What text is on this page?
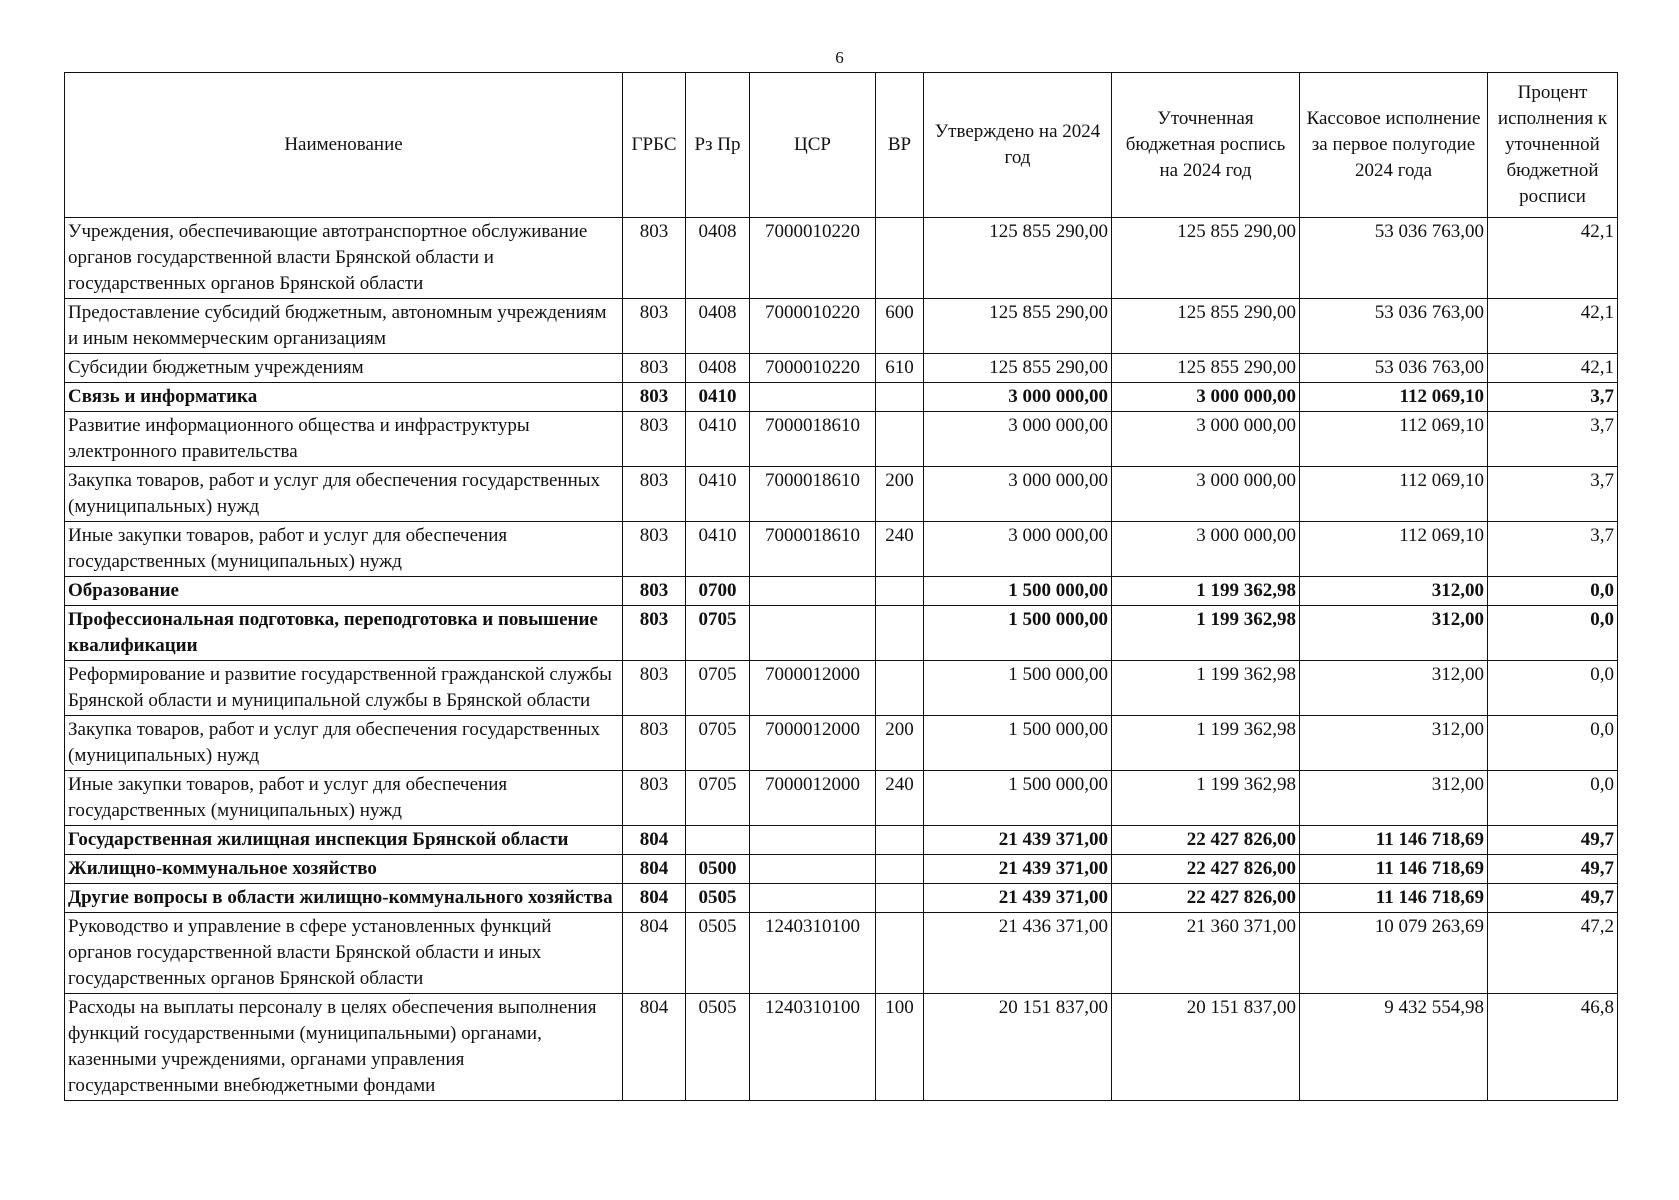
6
Наименование	ГРБС	Рз Пр	ЦСР	ВР	Утверждено на 2024 год	Уточненная бюджетная роспись на 2024 год	Кассовое исполнение за первое полугодие 2024 года	Процент исполнения к уточненной бюджетной росписи
Учреждения, обеспечивающие автотранспортное обслуживание органов государственной власти Брянской области и государственных органов Брянской области	803	0408	7000010220		125 855 290,00	125 855 290,00	53 036 763,00	42,1
Предоставление субсидий бюджетным, автономным учреждениям и иным некоммерческим организациям	803	0408	7000010220	600	125 855 290,00	125 855 290,00	53 036 763,00	42,1
Субсидии бюджетным учреждениям	803	0408	7000010220	610	125 855 290,00	125 855 290,00	53 036 763,00	42,1
Связь и информатика	803	0410			3 000 000,00	3 000 000,00	112 069,10	3,7
Развитие информационного общества и инфраструктуры электронного правительства	803	0410	7000018610		3 000 000,00	3 000 000,00	112 069,10	3,7
Закупка товаров, работ и услуг для обеспечения государственных (муниципальных) нужд	803	0410	7000018610	200	3 000 000,00	3 000 000,00	112 069,10	3,7
Иные закупки товаров, работ и услуг для обеспечения государственных (муниципальных) нужд	803	0410	7000018610	240	3 000 000,00	3 000 000,00	112 069,10	3,7
Образование	803	0700			1 500 000,00	1 199 362,98	312,00	0,0
Профессиональная подготовка, переподготовка и повышение квалификации	803	0705			1 500 000,00	1 199 362,98	312,00	0,0
Реформирование и развитие государственной гражданской службы Брянской области и муниципальной службы в Брянской области	803	0705	7000012000		1 500 000,00	1 199 362,98	312,00	0,0
Закупка товаров, работ и услуг для обеспечения государственных (муниципальных) нужд	803	0705	7000012000	200	1 500 000,00	1 199 362,98	312,00	0,0
Иные закупки товаров, работ и услуг для обеспечения государственных (муниципальных) нужд	803	0705	7000012000	240	1 500 000,00	1 199 362,98	312,00	0,0
Государственная жилищная инспекция Брянской области	804				21 439 371,00	22 427 826,00	11 146 718,69	49,7
Жилищно-коммунальное хозяйство	804	0500			21 439 371,00	22 427 826,00	11 146 718,69	49,7
Другие вопросы в области жилищно-коммунального хозяйства	804	0505			21 439 371,00	22 427 826,00	11 146 718,69	49,7
Руководство и управление в сфере установленных функций органов государственной власти Брянской области и иных государственных органов Брянской области	804	0505	1240310100		21 436 371,00	21 360 371,00	10 079 263,69	47,2
Расходы на выплаты персоналу в целях обеспечения выполнения функций государственными (муниципальными) органами, казенными учреждениями, органами управления государственными внебюджетными фондами	804	0505	1240310100	100	20 151 837,00	20 151 837,00	9 432 554,98	46,8
